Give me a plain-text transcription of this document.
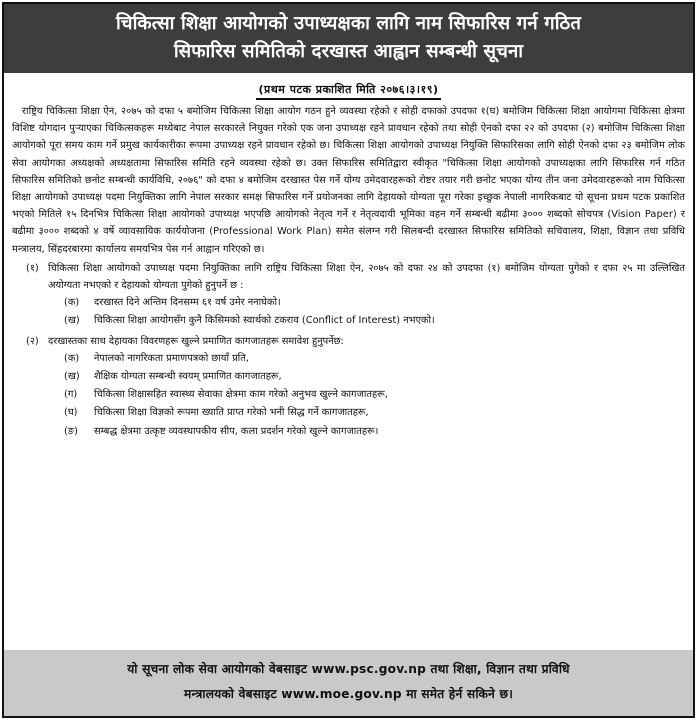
चिकित्सा शिक्षा आयोगको उपाध्यक्षका लागि नाम सिफारिस गर्न गठित
सिफारिस समितिको दरखास्त आह्वान सम्बन्धी सूचना
(प्रथम पटक प्रकाशित मिति २०७६।३।१९)

राष्ट्रिय चिकित्सा शिक्षा ऐन, २०७५ को दफा ५ बमोजिम चिकित्सा शिक्षा आयोग गठन हुने व्यवस्था रहेको र सोही दफाको उपदफा १(घ) बमोजिम चिकित्सा शिक्षा आयोगमा चिकित्सा क्षेत्रमा विशिष्ट योगदान पुऱ्याएका चिकित्सकहरू मध्येबाट नेपाल सरकारले नियुक्त गरेको एक जना उपाध्यक्ष रहने प्रावधान रहेको तथा सोही ऐनको दफा २२ को उपदफा (२) बमोजिम चिकित्सा शिक्षा आयोगको पूरा समय काम गर्ने प्रमुख कार्यकारीका रूपमा उपाध्यक्ष रहने प्रावधान रहेको छ। चिकित्सा शिक्षा आयोगको उपाध्यक्ष नियुक्ति सिफारिसका लागि सोही ऐनको दफा २३ बमोजिम लोक सेवा आयोगका अध्यक्षको अध्यक्षतामा सिफारिस समिति रहने व्यवस्था रहेको छ। उक्त सिफारिस समितिद्वारा स्वीकृत "चिकित्सा शिक्षा आयोगको उपाध्यक्षका लागि सिफारिस गर्न गठित सिफारिस समितिको छनोट सम्बन्धी कार्यविधि, २०७६" को दफा ४ बमोजिम दरखास्त पेस गर्ने योग्य उमेदवारहरूको रोष्टर तयार गरी छनोट भएका योग्य तीन जना उमेदवारहरूको नाम चिकित्सा शिक्षा आयोगको उपाध्यक्ष पदमा नियुक्तिका लागि नेपाल सरकार समक्ष सिफारिस गर्ने प्रयोजनका लागि देहायको योग्यता पूरा गरेका इच्छुक नेपाली नागरिकबाट यो सूचना प्रथम पटक प्रकाशित भएको मितिले १५ दिनभित्र चिकित्सा शिक्षा आयोगको उपाध्यक्ष भएपछि आयोगको नेतृत्व गर्ने र नेतृत्वदायी भूमिका वहन गर्ने सम्बन्धी बढीमा ३००० शब्दको सोचपत्र (Vision Paper) र बढीमा ३००० शब्दको ४ वर्षे व्यावसायिक कार्ययोजना (Professional Work Plan) समेत संलग्न गरी सिलबन्दी दरखास्त सिफारिस समितिको सचिवालय, शिक्षा, विज्ञान तथा प्रविधि मन्त्रालय, सिंहदरबारमा कार्यालय समयभित्र पेस गर्न आह्वान गरिएको छ।

(१) चिकित्सा शिक्षा आयोगको उपाध्यक्ष पदमा नियुक्तिका लागि राष्ट्रिय चिकित्सा शिक्षा ऐन, २०७५ को दफा २४ को उपदफा (१) बमोजिम योग्यता पुगेको र दफा २५ मा उल्लिखित अयोग्यता नभएको र देहायको योग्यता पुगेको हुनुपर्ने छ :
(क)	दरखास्त दिने अन्तिम दिनसम्म ६१ वर्ष उमेर ननाघेको।
(ख)	चिकित्सा शिक्षा आयोगसँग कुनै किसिमको स्वार्थको टकराव (Conflict of Interest) नभएको।
(२) दरखास्तका साथ देहायका विवरणहरू खुल्ने प्रमाणित कागजातहरू समावेश हुनुपर्नेछ:
(क)	नेपालको नागरिकता प्रमाणपत्रको छायाँ प्रति,
(ख)	शैक्षिक योग्यता सम्बन्धी स्वयम् प्रमाणित कागजातहरू,
(ग)	चिकित्सा शिक्षासहित स्वास्थ्य सेवाका क्षेत्रमा काम गरेको अनुभव खुल्ने कागजातहरू,
(घ)	चिकित्सा शिक्षा विज्ञको रूपमा ख्याति प्राप्त गरेको भनी सिद्ध गर्ने कागजातहरू,
(ङ)	सम्बद्ध क्षेत्रमा उत्कृष्ट व्यवस्थापकीय सीप, कला प्रदर्शन गरेको खुल्ने कागजातहरू।
यो सूचना लोक सेवा आयोगको वेबसाइट www.psc.gov.np तथा शिक्षा, विज्ञान तथा प्रविधि
मन्त्रालयको वेबसाइट www.moe.gov.np मा समेत हेर्न सकिने छ।
